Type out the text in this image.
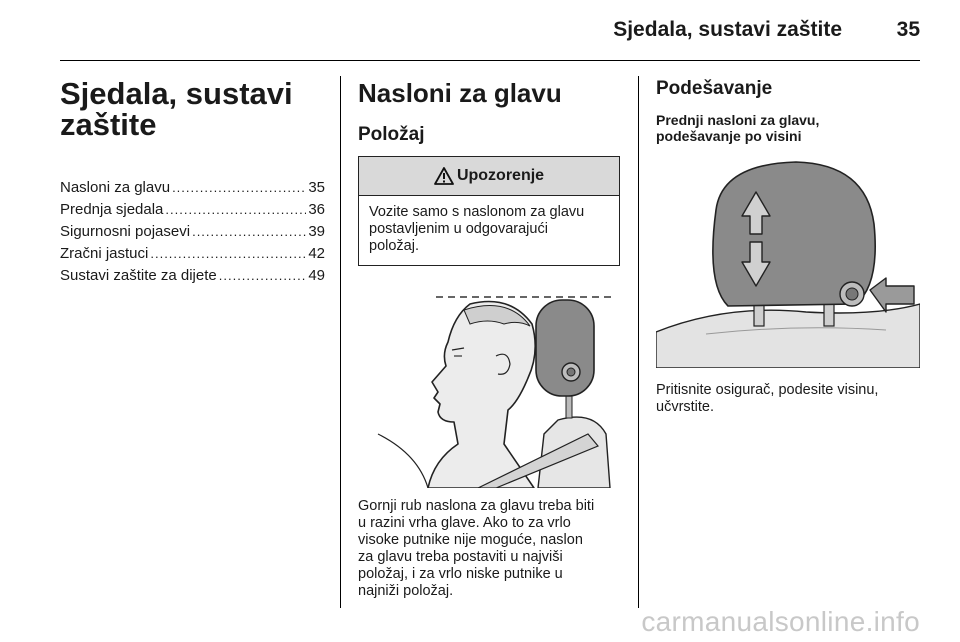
Sjedala, sustavi zaštite	35
Sjedala, sustavi
zaštite
Nasloni za glavu .....	35
Prednja sjedala .....	36
Sigurnosni pojasevi .....	39
Zračni jastuci .....	42
Sustavi zaštite za dijete .....	49
Nasloni za glavu
Položaj
Upozorenje
Vozite samo s naslonom za glavu
postavljenim u odgovarajući
položaj.
Gornji rub naslona za glavu treba biti
u razini vrha glave. Ako to za vrlo
visoke putnike nije moguće, naslon
za glavu treba postaviti u najviši
položaj, i za vrlo niske putnike u
najniži položaj.
Podešavanje
Prednji nasloni za glavu,
podešavanje po visini
Pritisnite osigurač, podesite visinu,
učvrstite.
carmanualsonline.info
